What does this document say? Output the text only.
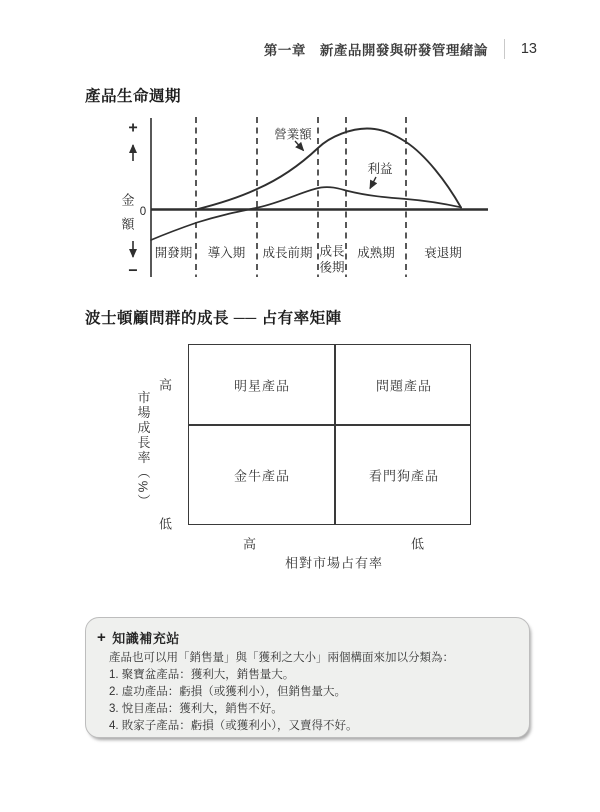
第一章 新產品開發與研發管理緒論 13
產品生命週期
營業額
利益
+
金
0
額
−
開發期 導入期 成長前期 成長
後期
成熟期 衰退期
波士頓顧問群的成長 ── 占有率矩陣
明星產品	問題產品
金牛產品	看門狗產品
高
低
市場成長率（%）
高	低
相對市場占有率
+ 知識補充站

產品也可以用「銷售量」與「獲利之大小」兩個構面來加以分類為：

1. 聚寶盆產品：獲利大，銷售量大。

2. 虛功產品：虧損（或獲利小），但銷售量大。

3. 悅目產品：獲利大，銷售不好。

4. 敗家子產品：虧損（或獲利小），又賣得不好。
